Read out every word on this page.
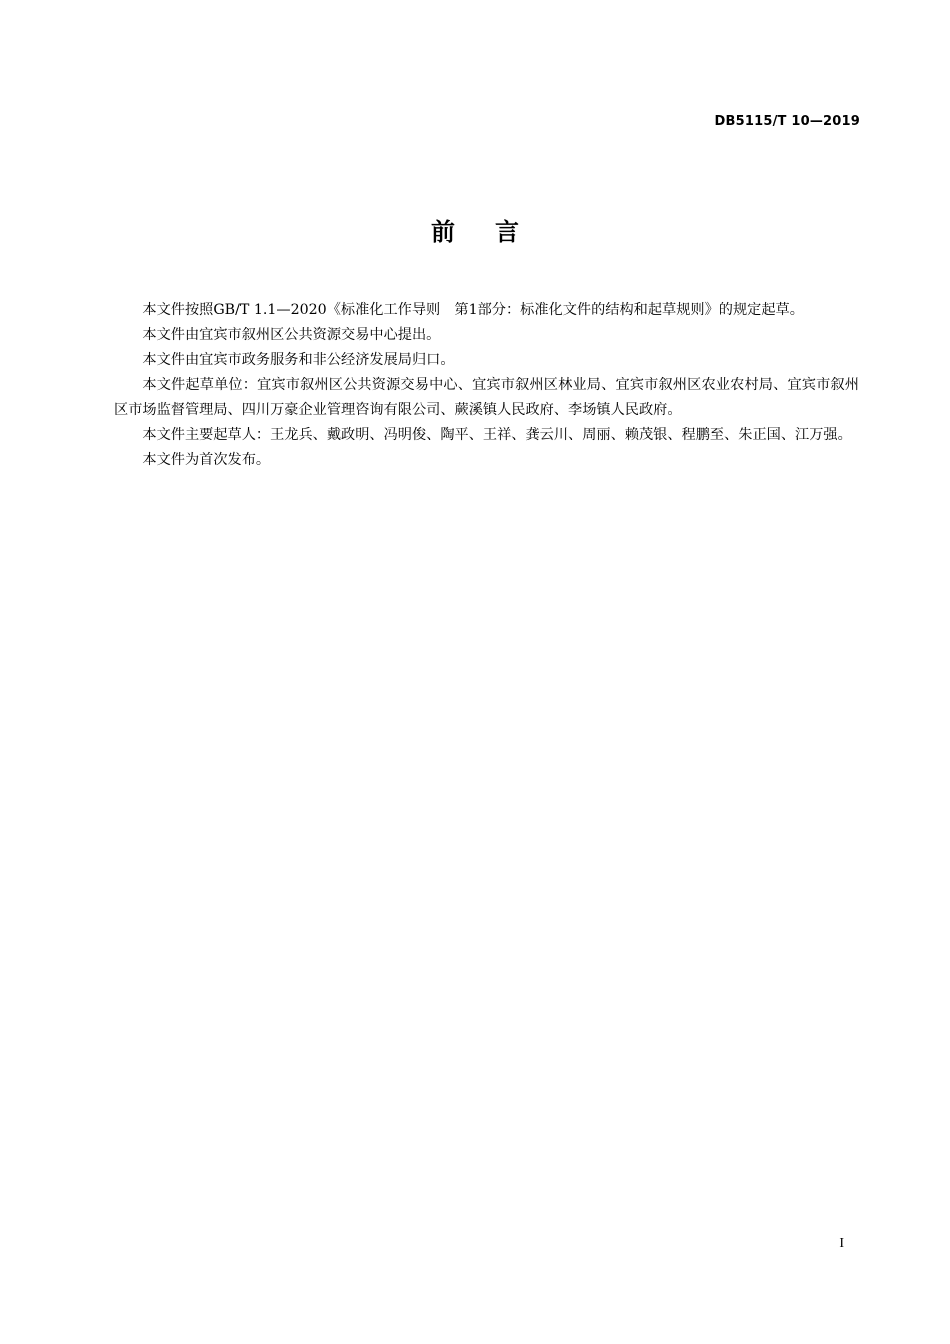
DB5115/T 10—2019
前言

本文件按照GB/T 1.1—2020《标准化工作导则　第1部分：标准化文件的结构和起草规则》的规定起草。

本文件由宜宾市叙州区公共资源交易中心提出。

本文件由宜宾市政务服务和非公经济发展局归口。

本文件起草单位：宜宾市叙州区公共资源交易中心、宜宾市叙州区林业局、宜宾市叙州区农业农村局、宜宾市叙州区市场监督管理局、四川万豪企业管理咨询有限公司、蕨溪镇人民政府、李场镇人民政府。

本文件主要起草人：王龙兵、戴政明、冯明俊、陶平、王祥、龚云川、周丽、赖茂银、程鹏至、朱正国、江万强。

本文件为首次发布。

I
